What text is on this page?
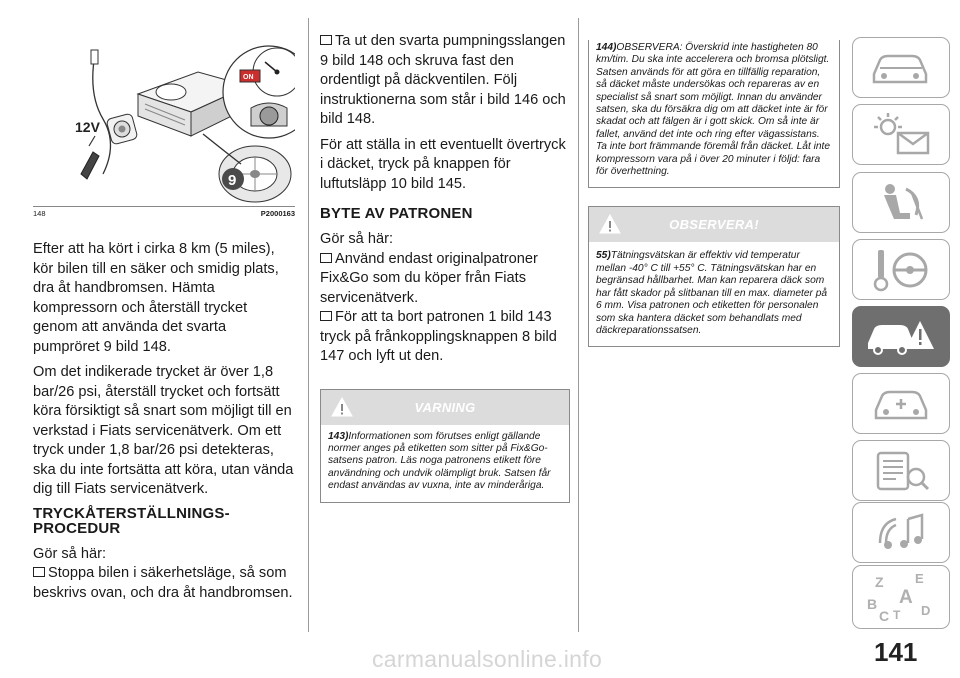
ON
12V
9
148	P2000163

Efter att ha kört i cirka 8 km (5 miles), kör bilen till en säker och smidig plats, dra åt handbromsen. Hämta kompressorn och återställ trycket genom att använda det svarta pumpröret 9 bild 148.

Om det indikerade trycket är över 1,8 bar/26 psi, återställ trycket och fortsätt köra försiktigt så snart som möjligt till en verkstad i Fiats servicenätverk. Om ett tryck under 1,8 bar/26 psi detekteras, ska du inte fortsätta att köra, utan vända dig till Fiats servicenätverk.

TRYCKÅTERSTÄLLNINGS-
PROCEDUR

Gör så här:

Stoppa bilen i säkerhetsläge, så som beskrivs ovan, och dra åt handbromsen.
Ta ut den svarta pumpningsslangen 9 bild 148 och skruva fast den ordentligt på däckventilen. Följ instruktionerna som står i bild 146 och bild 148.

För att ställa in ett eventuellt övertryck i däcket, tryck på knappen för luftutsläpp 10 bild 145.

BYTE AV PATRONEN

Gör så här:

Använd endast originalpatroner Fix&Go som du köper från Fiats servicenätverk.
För att ta bort patronen 1 bild 143 tryck på frånkopplingsknappen 8 bild 147 och lyft ut den.
VARNING
143)Informationen som förutses enligt gällande normer anges på etiketten som sitter på Fix&Go-satsens patron. Läs noga patronens etikett före användning och undvik olämpligt bruk. Satsen får endast användas av vuxna, inte av minderåriga.
144)OBSERVERA: Överskrid inte hastigheten 80 km/tim. Du ska inte accelerera och bromsa plötsligt. Satsen används för att göra en tillfällig reparation, så däcket måste undersökas och repareras av en specialist så snart som möjligt. Innan du använder satsen, ska du försäkra dig om att däcket inte är för skadat och att fälgen är i gott skick. Om så inte är fallet, använd det inte och ring efter vägassistans. Ta inte bort främmande föremål från däcket. Låt inte kompressorn vara på i över 20 minuter i följd: fara för överhettning.
OBSERVERA!
55)Tätningsvätskan är effektiv vid temperatur mellan -40° C till +55° C. Tätningsvätskan har en begränsad hållbarhet. Man kan reparera däck som har fått skador på slitbanan till en max. diameter på 6 mm. Visa patronen och etiketten för personalen som ska hantera däcket som behandlats med däckreparationssatsen.
Z E
A
B
C D
T
141
carmanualsonline.info
